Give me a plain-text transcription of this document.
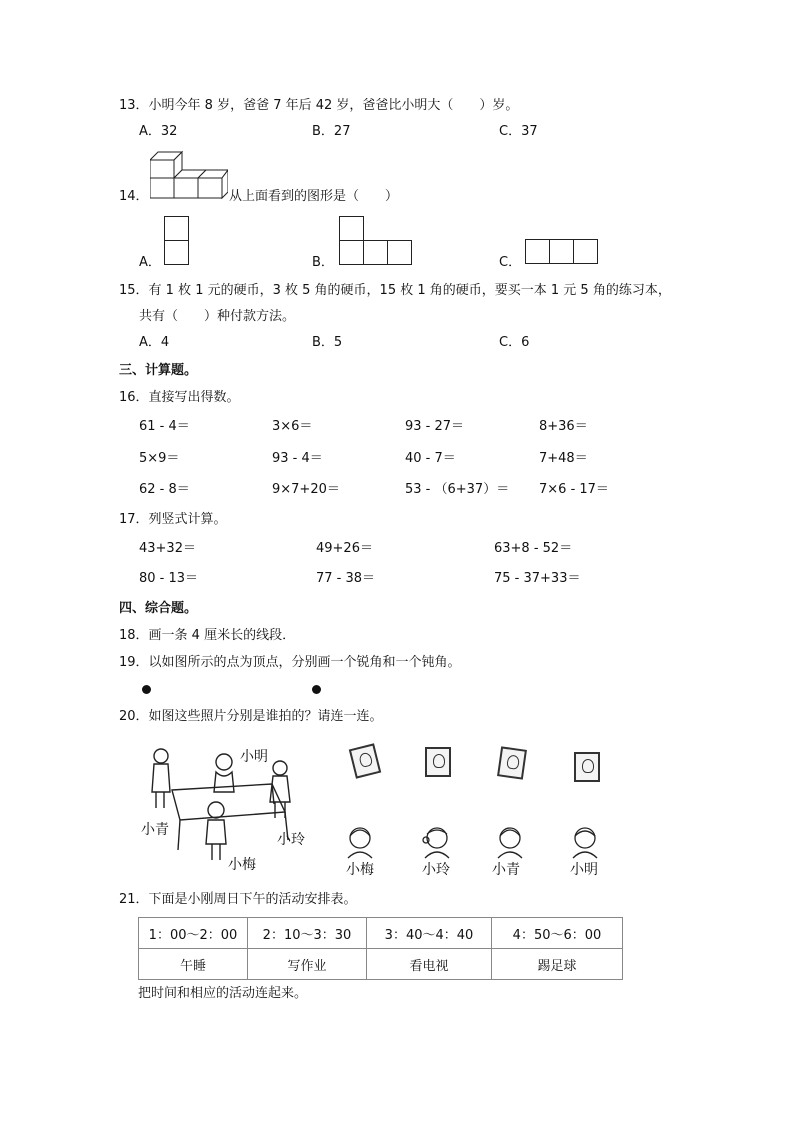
13．小明今年 8 岁，爸爸 7 年后 42 岁，爸爸比小明大（　　）岁。
A．32	B．27	C．37
14．	从上面看到的图形是（　　）
A．	B．	C．
15．有 1 枚 1 元的硬币，3 枚 5 角的硬币，15 枚 1 角的硬币，要买一本 1 元 5 角的练习本，
共有（　　）种付款方法。
A．4	B．5	C．6
三、计算题。
16．直接写出得数。
61 - 4＝	3×6＝	93 - 27＝	8+36＝
5×9＝	93 - 4＝	40 - 7＝	7+48＝
62 - 8＝	9×7+20＝	53 - （6+37）＝ 7×6 - 17＝
17．列竖式计算。
43+32＝	49+26＝	63+8 - 52＝
80 - 13＝	77 - 38＝	75 - 37+33＝
四、综合题。
18．画一条 4 厘米长的线段．
19．以如图所示的点为顶点，分别画一个锐角和一个钝角。
20．如图这些照片分别是谁拍的？请连一连。
小明
小青
小玲
小梅	小梅	小玲	小青	小明
21．下面是小刚周日下午的活动安排表。
1：00～2：00	2：10～3：30	3：40～4：40	4：50～6：00
午睡	写作业	看电视	踢足球
把时间和相应的活动连起来。
